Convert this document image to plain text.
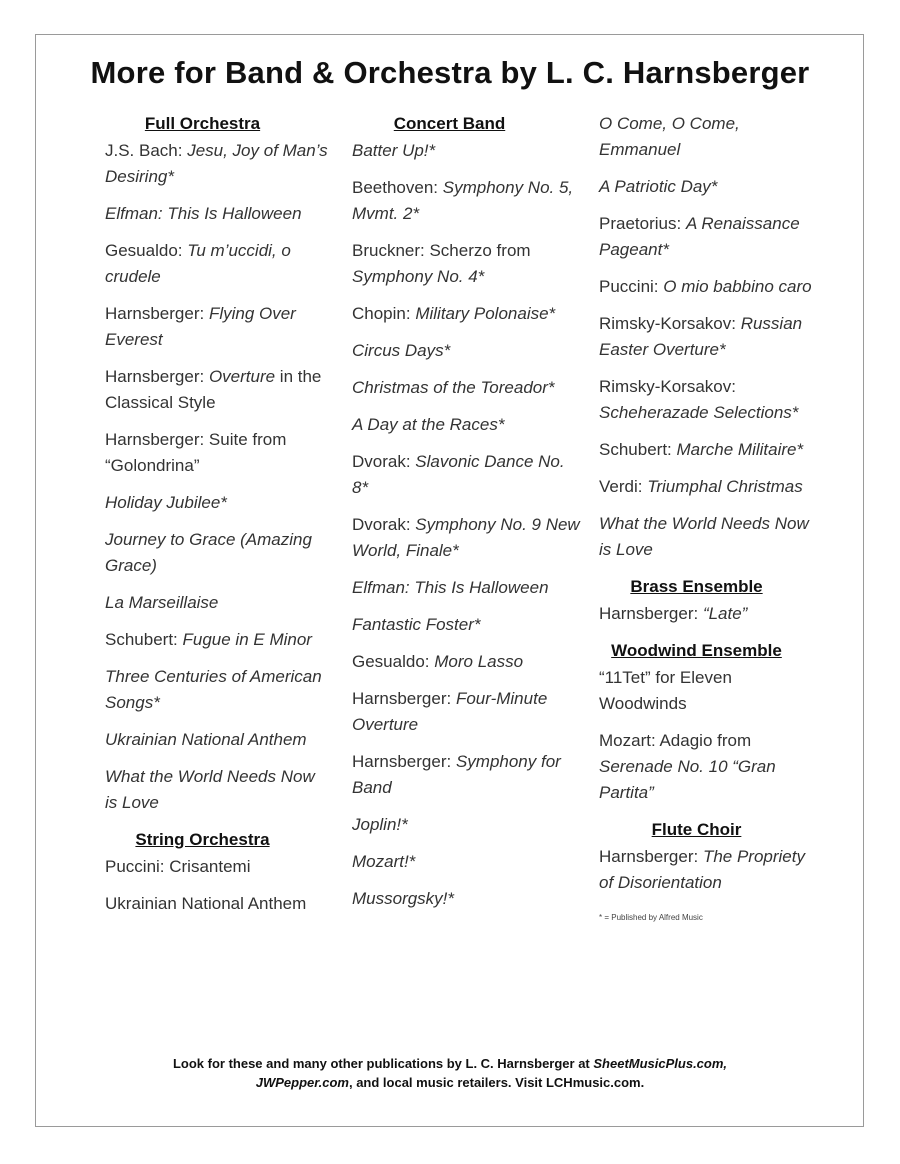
More for Band & Orchestra by L. C. Harnsberger
Full Orchestra
J.S. Bach: Jesu, Joy of Man’s Desiring*
Elfman: This Is Halloween
Gesualdo: Tu m’uccidi, o crudele
Harnsberger: Flying Over Everest
Harnsberger: Overture in the Classical Style
Harnsberger: Suite from “Golondrina”
Holiday Jubilee*
Journey to Grace (Amazing Grace)
La Marseillaise
Schubert: Fugue in E Minor
Three Centuries of American Songs*
Ukrainian National Anthem
What the World Needs Now is Love
String Orchestra
Puccini: Crisantemi
Ukrainian National Anthem
Concert Band
Batter Up!*
Beethoven: Symphony No. 5, Mvmt. 2*
Bruckner: Scherzo from Symphony No. 4*
Chopin: Military Polonaise*
Circus Days*
Christmas of the Toreador*
A Day at the Races*
Dvorak: Slavonic Dance No. 8*
Dvorak: Symphony No. 9 New World, Finale*
Elfman: This Is Halloween
Fantastic Foster*
Gesualdo: Moro Lasso
Harnsberger: Four-Minute Overture
Harnsberger: Symphony for Band
Joplin!*
Mozart!*
Mussorgsky!*
O Come, O Come, Emmanuel
A Patriotic Day*
Praetorius: A Renaissance Pageant*
Puccini: O mio babbino caro
Rimsky-Korsakov: Russian Easter Overture*
Rimsky-Korsakov: Scheherazade Selections*
Schubert: Marche Militaire*
Verdi: Triumphal Christmas
What the World Needs Now is Love
Brass Ensemble
Harnsberger: “Late”
Woodwind Ensemble
“11Tet” for Eleven Woodwinds
Mozart: Adagio from Serenade No. 10 “Gran Partita”
Flute Choir
Harnsberger: The Propriety of Disorientation
* = Published by Alfred Music
Look for these and many other publications by L. C. Harnsberger at SheetMusicPlus.com,
JWPepper.com, and local music retailers. Visit LCHmusic.com.
